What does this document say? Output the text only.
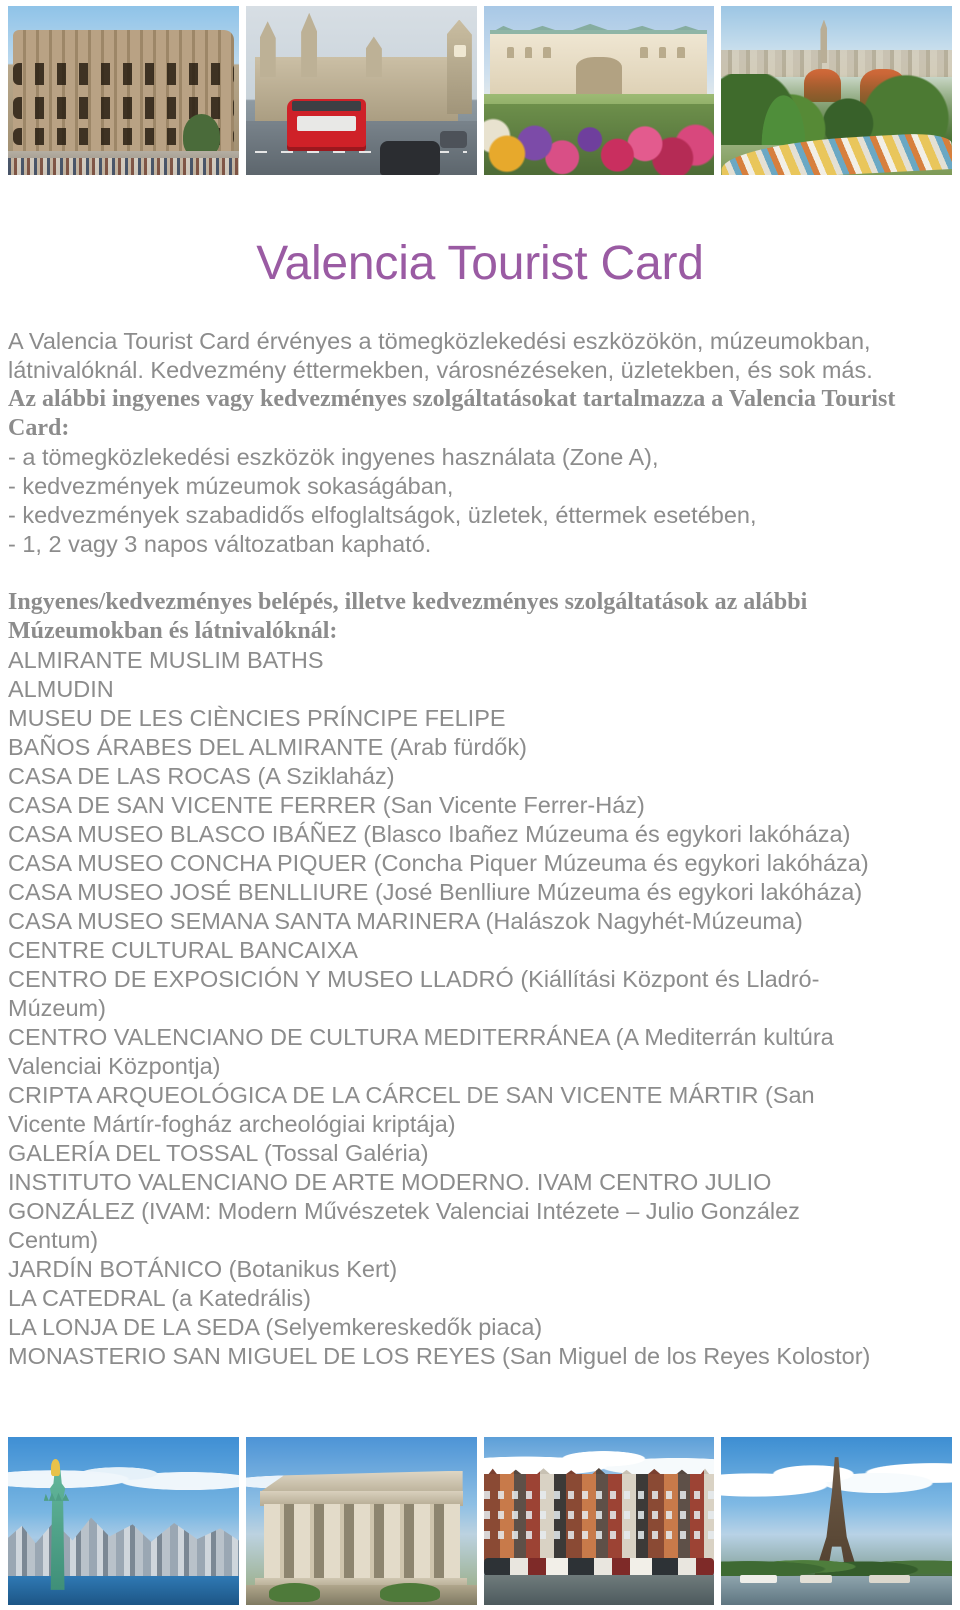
Valencia Tourist Card
A Valencia Tourist Card érvényes a tömegközlekedési eszközökön, múzeumokban,
látnivalóknál. Kedvezmény éttermekben, városnézéseken, üzletekben, és sok más.
Az alábbi ingyenes vagy kedvezményes szolgáltatásokat tartalmazza a Valencia Tourist
Card:
- a tömegközlekedési eszközök ingyenes használata (Zone A),
- kedvezmények múzeumok sokaságában,
- kedvezmények szabadidős elfoglaltságok, üzletek, éttermek esetében,
- 1, 2 vagy 3 napos változatban kapható.
Ingyenes/kedvezményes belépés, illetve kedvezményes szolgáltatások az alábbi
Múzeumokban és látnivalóknál:
ALMIRANTE MUSLIM BATHS
ALMUDIN
MUSEU DE LES CIÈNCIES PRÍNCIPE FELIPE
BAÑOS ÁRABES DEL ALMIRANTE (Arab fürdők)
CASA DE LAS ROCAS (A Sziklaház)
CASA DE SAN VICENTE FERRER (San Vicente Ferrer-Ház)
CASA MUSEO BLASCO IBÁÑEZ (Blasco Ibañez Múzeuma és egykori lakóháza)
CASA MUSEO CONCHA PIQUER (Concha Piquer Múzeuma és egykori lakóháza)
CASA MUSEO JOSÉ BENLLIURE (José Benlliure Múzeuma és egykori lakóháza)
CASA MUSEO SEMANA SANTA MARINERA (Halászok Nagyhét-Múzeuma)
CENTRE CULTURAL BANCAIXA
CENTRO DE EXPOSICIÓN Y MUSEO LLADRÓ (Kiállítási Központ és Lladró-
Múzeum)
CENTRO VALENCIANO DE CULTURA MEDITERRÁNEA (A Mediterrán kultúra
Valenciai Központja)
CRIPTA ARQUEOLÓGICA DE LA CÁRCEL DE SAN VICENTE MÁRTIR (San
Vicente Mártír-fogház archeológiai kriptája)
GALERÍA DEL TOSSAL (Tossal Galéria)
INSTITUTO VALENCIANO DE ARTE MODERNO. IVAM CENTRO JULIO
GONZÁLEZ (IVAM: Modern Művészetek Valenciai Intézete – Julio González
Centum)
JARDÍN BOTÁNICO (Botanikus Kert)
LA CATEDRAL (a Katedrális)
LA LONJA DE LA SEDA (Selyemkereskedők piaca)
MONASTERIO SAN MIGUEL DE LOS REYES (San Miguel de los Reyes Kolostor)
